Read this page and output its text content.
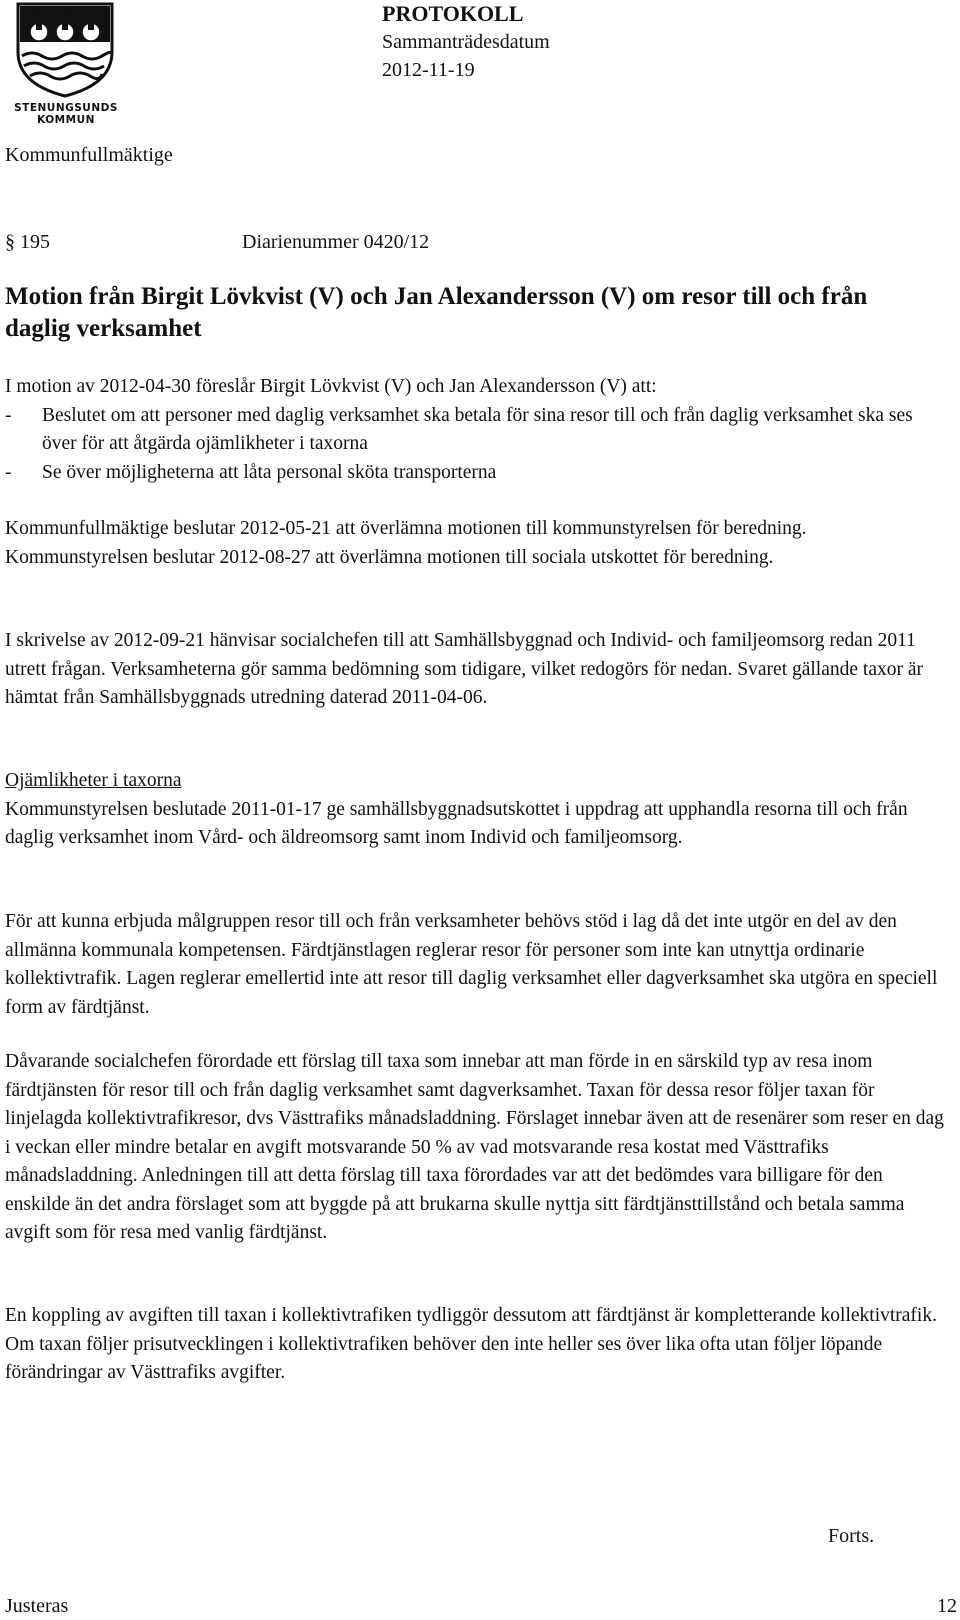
STENUNGSUNDS
KOMMUN
PROTOKOLL
Sammanträdesdatum
2012-11-19
Kommunfullmäktige
§ 195	Diarienummer 0420/12
Motion från Birgit Lövkvist (V) och Jan Alexandersson (V) om resor till och från daglig verksamhet
I motion av 2012-04-30 föreslår Birgit Lövkvist (V) och Jan Alexandersson (V) att:
- Beslutet om att personer med daglig verksamhet ska betala för sina resor till och från daglig verksamhet ska ses över för att åtgärda ojämlikheter i taxorna
- Se över möjligheterna att låta personal sköta transporterna
Kommunfullmäktige beslutar 2012-05-21 att överlämna motionen till kommunstyrelsen för beredning. Kommunstyrelsen beslutar 2012-08-27 att överlämna motionen till sociala utskottet för beredning.
I skrivelse av 2012-09-21 hänvisar socialchefen till att Samhällsbyggnad och Individ- och familjeomsorg redan 2011 utrett frågan. Verksamheterna gör samma bedömning som tidigare, vilket redogörs för nedan. Svaret gällande taxor är hämtat från Samhällsbyggnads utredning daterad 2011-04-06.
Ojämlikheter i taxorna
Kommunstyrelsen beslutade 2011-01-17 ge samhällsbyggnadsutskottet i uppdrag att upphandla resorna till och från daglig verksamhet inom Vård- och äldreomsorg samt inom Individ och familjeomsorg.
För att kunna erbjuda målgruppen resor till och från verksamheter behövs stöd i lag då det inte utgör en del av den allmänna kommunala kompetensen. Färdtjänstlagen reglerar resor för personer som inte kan utnyttja ordinarie kollektivtrafik. Lagen reglerar emellertid inte att resor till daglig verksamhet eller dagverksamhet ska utgöra en speciell form av färdtjänst.
Dåvarande socialchefen förordade ett förslag till taxa som innebar att man förde in en särskild typ av resa inom färdtjänsten för resor till och från daglig verksamhet samt dagverksamhet. Taxan för dessa resor följer taxan för linjelagda kollektivtrafikresor, dvs Västtrafiks månadsladdning. Förslaget innebar även att de resenärer som reser en dag i veckan eller mindre betalar en avgift motsvarande 50 % av vad motsvarande resa kostat med Västtrafiks månadsladdning. Anledningen till att detta förslag till taxa förordades var att det bedömdes vara billigare för den enskilde än det andra förslaget som att byggde på att brukarna skulle nyttja sitt färdtjänsttillstånd och betala samma avgift som för resa med vanlig färdtjänst.
En koppling av avgiften till taxan i kollektivtrafiken tydliggör dessutom att färdtjänst är kompletterande kollektivtrafik. Om taxan följer prisutvecklingen i kollektivtrafiken behöver den inte heller ses över lika ofta utan följer löpande förändringar av Västtrafiks avgifter.
Forts.
Justeras	12
